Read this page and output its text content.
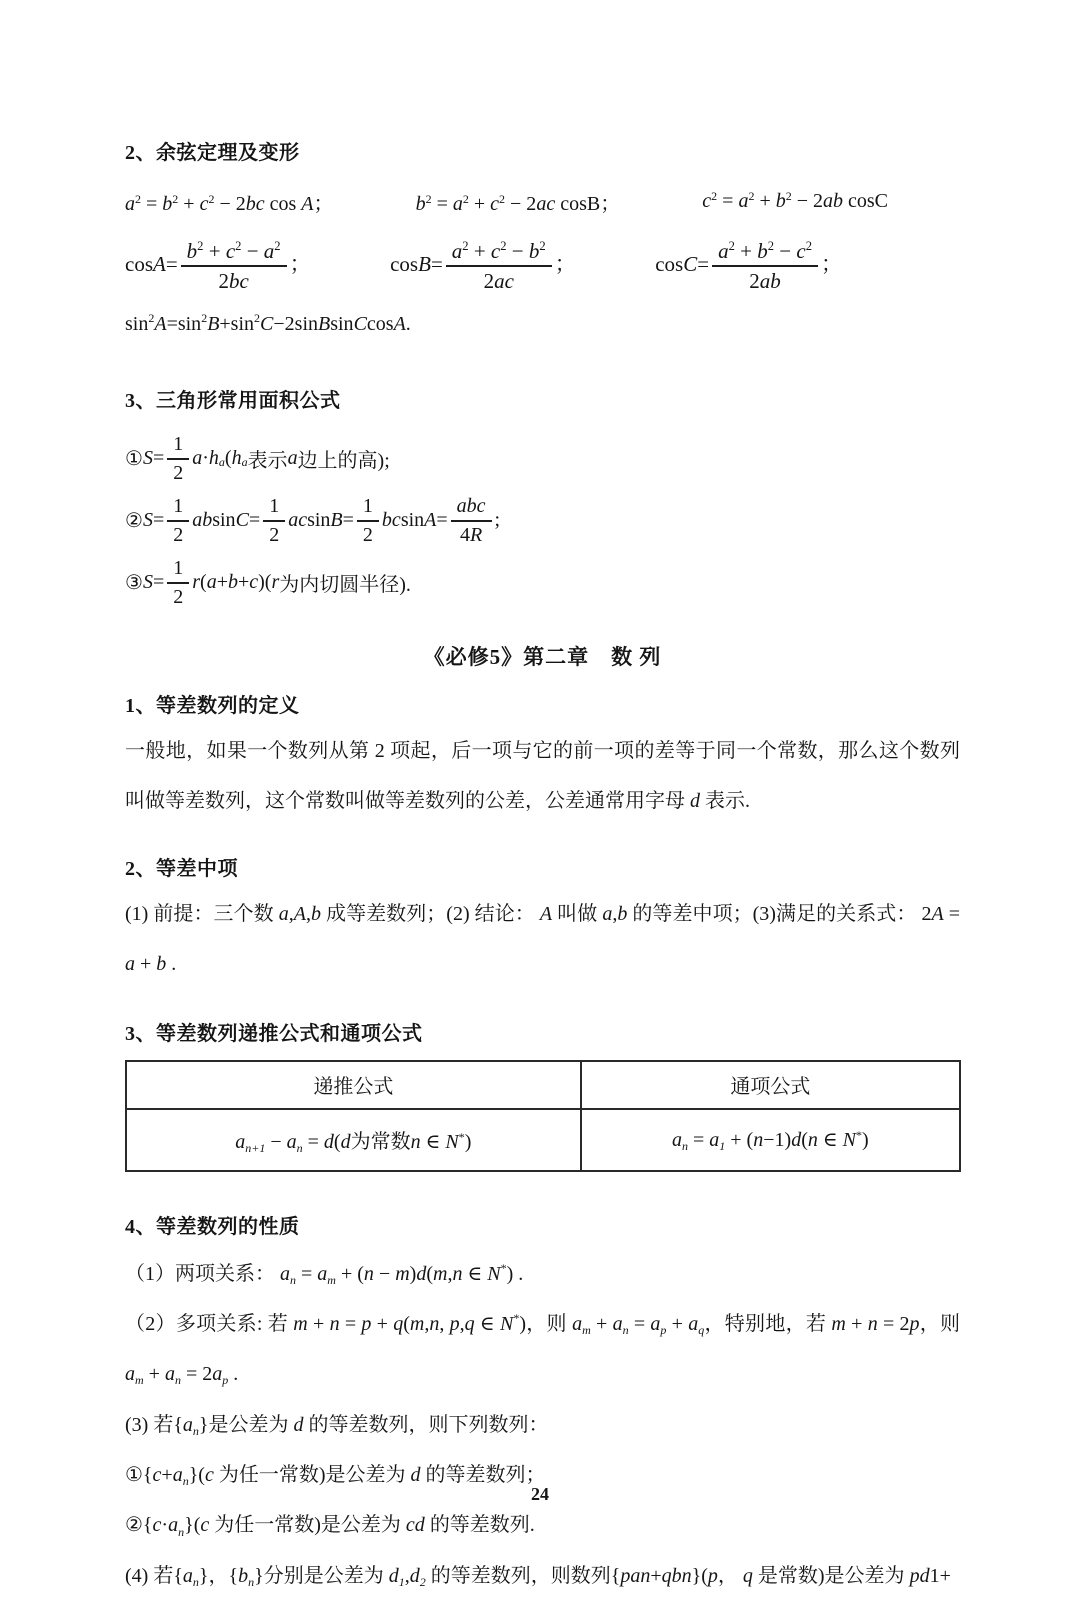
2、余弦定理及变形
$a^2 = b^2 + c^2 - 2bc$ cos A；	$b^2 = a^2 + c^2 - 2ac$ cosB；	$c^2 = a^2 + b^2 - 2ab$ cosC
$\cos A= \frac{b^2 + c^2 - a^2}{2bc}$ ；	$\cos B= \frac{a^2 + c^2 - b^2}{2ac}$ ；	$\cos C= \frac{a^2 + b^2 - c^2}{2ab}$ ；
$\sin^2A=\sin^2B+\sin^2C-2sinBsinCcosA$.
3、三角形常用面积公式
① $S = \frac{1}{2}$ $a \cdot h_a$ ( $h_a$ 表示 a 边上的高);
② $S = \frac{1}{2}$ ab $\sin C = \frac{1}{2}$ ac $\sin B = \frac{1}{2}$ bc $\sin A = \frac{\text{abc}}{4R}$ ;
③ $S = \frac{1}{2}$ r ( a + b + c )( r 为内切圆半径).
《必修5》第二章　数 列
1、等差数列的定义

一般地，如果一个数列从第 2 项起，后一项与它的前一项的差等于同一个常数，那么这个数列叫做等差数列，这个常数叫做等差数列的公差，公差通常用字母 d 表示.

2、等差中项

(1) 前提：三个数 a,A,b 成等差数列；(2) 结论： A 叫做 a,b 的等差中项；(3)满足的关系式： 2A = a + b .

3、等差数列递推公式和通项公式
递推公式	通项公式
$a_{n+1} - a_n = d(d$为常数n ∈ N*)	$a_n = a_1 + (n-1)d(n$ ∈ N*)
4、等差数列的性质

（1）两项关系： $a_n = a_m + (n - m)d(m,n$ ∈ N*) .

（2）多项关系: 若 m + n = p + q(m,n, p,q ∈ N*)，则 $a_m + a_n = a_p + a_q$，特别地，若 m + n = 2p，则 $a_m + a_n = 2a_p$ .

(3) 若$\{a_n\}$是公差为 d 的等差数列，则下列数列：

$①\{c+a_n\}(c$ 为任一常数)是公差为 d 的等差数列；

$②\{c\cdot a_n\}(c$ 为任一常数)是公差为 cd 的等差数列.

(4) 若$\{a_n\}$，$\{b_n\}$分别是公差为 $d_1,d_2$ 的等差数列，则数列{pan+qbn}(p， q 是常数)是公差为 pd1+

24
